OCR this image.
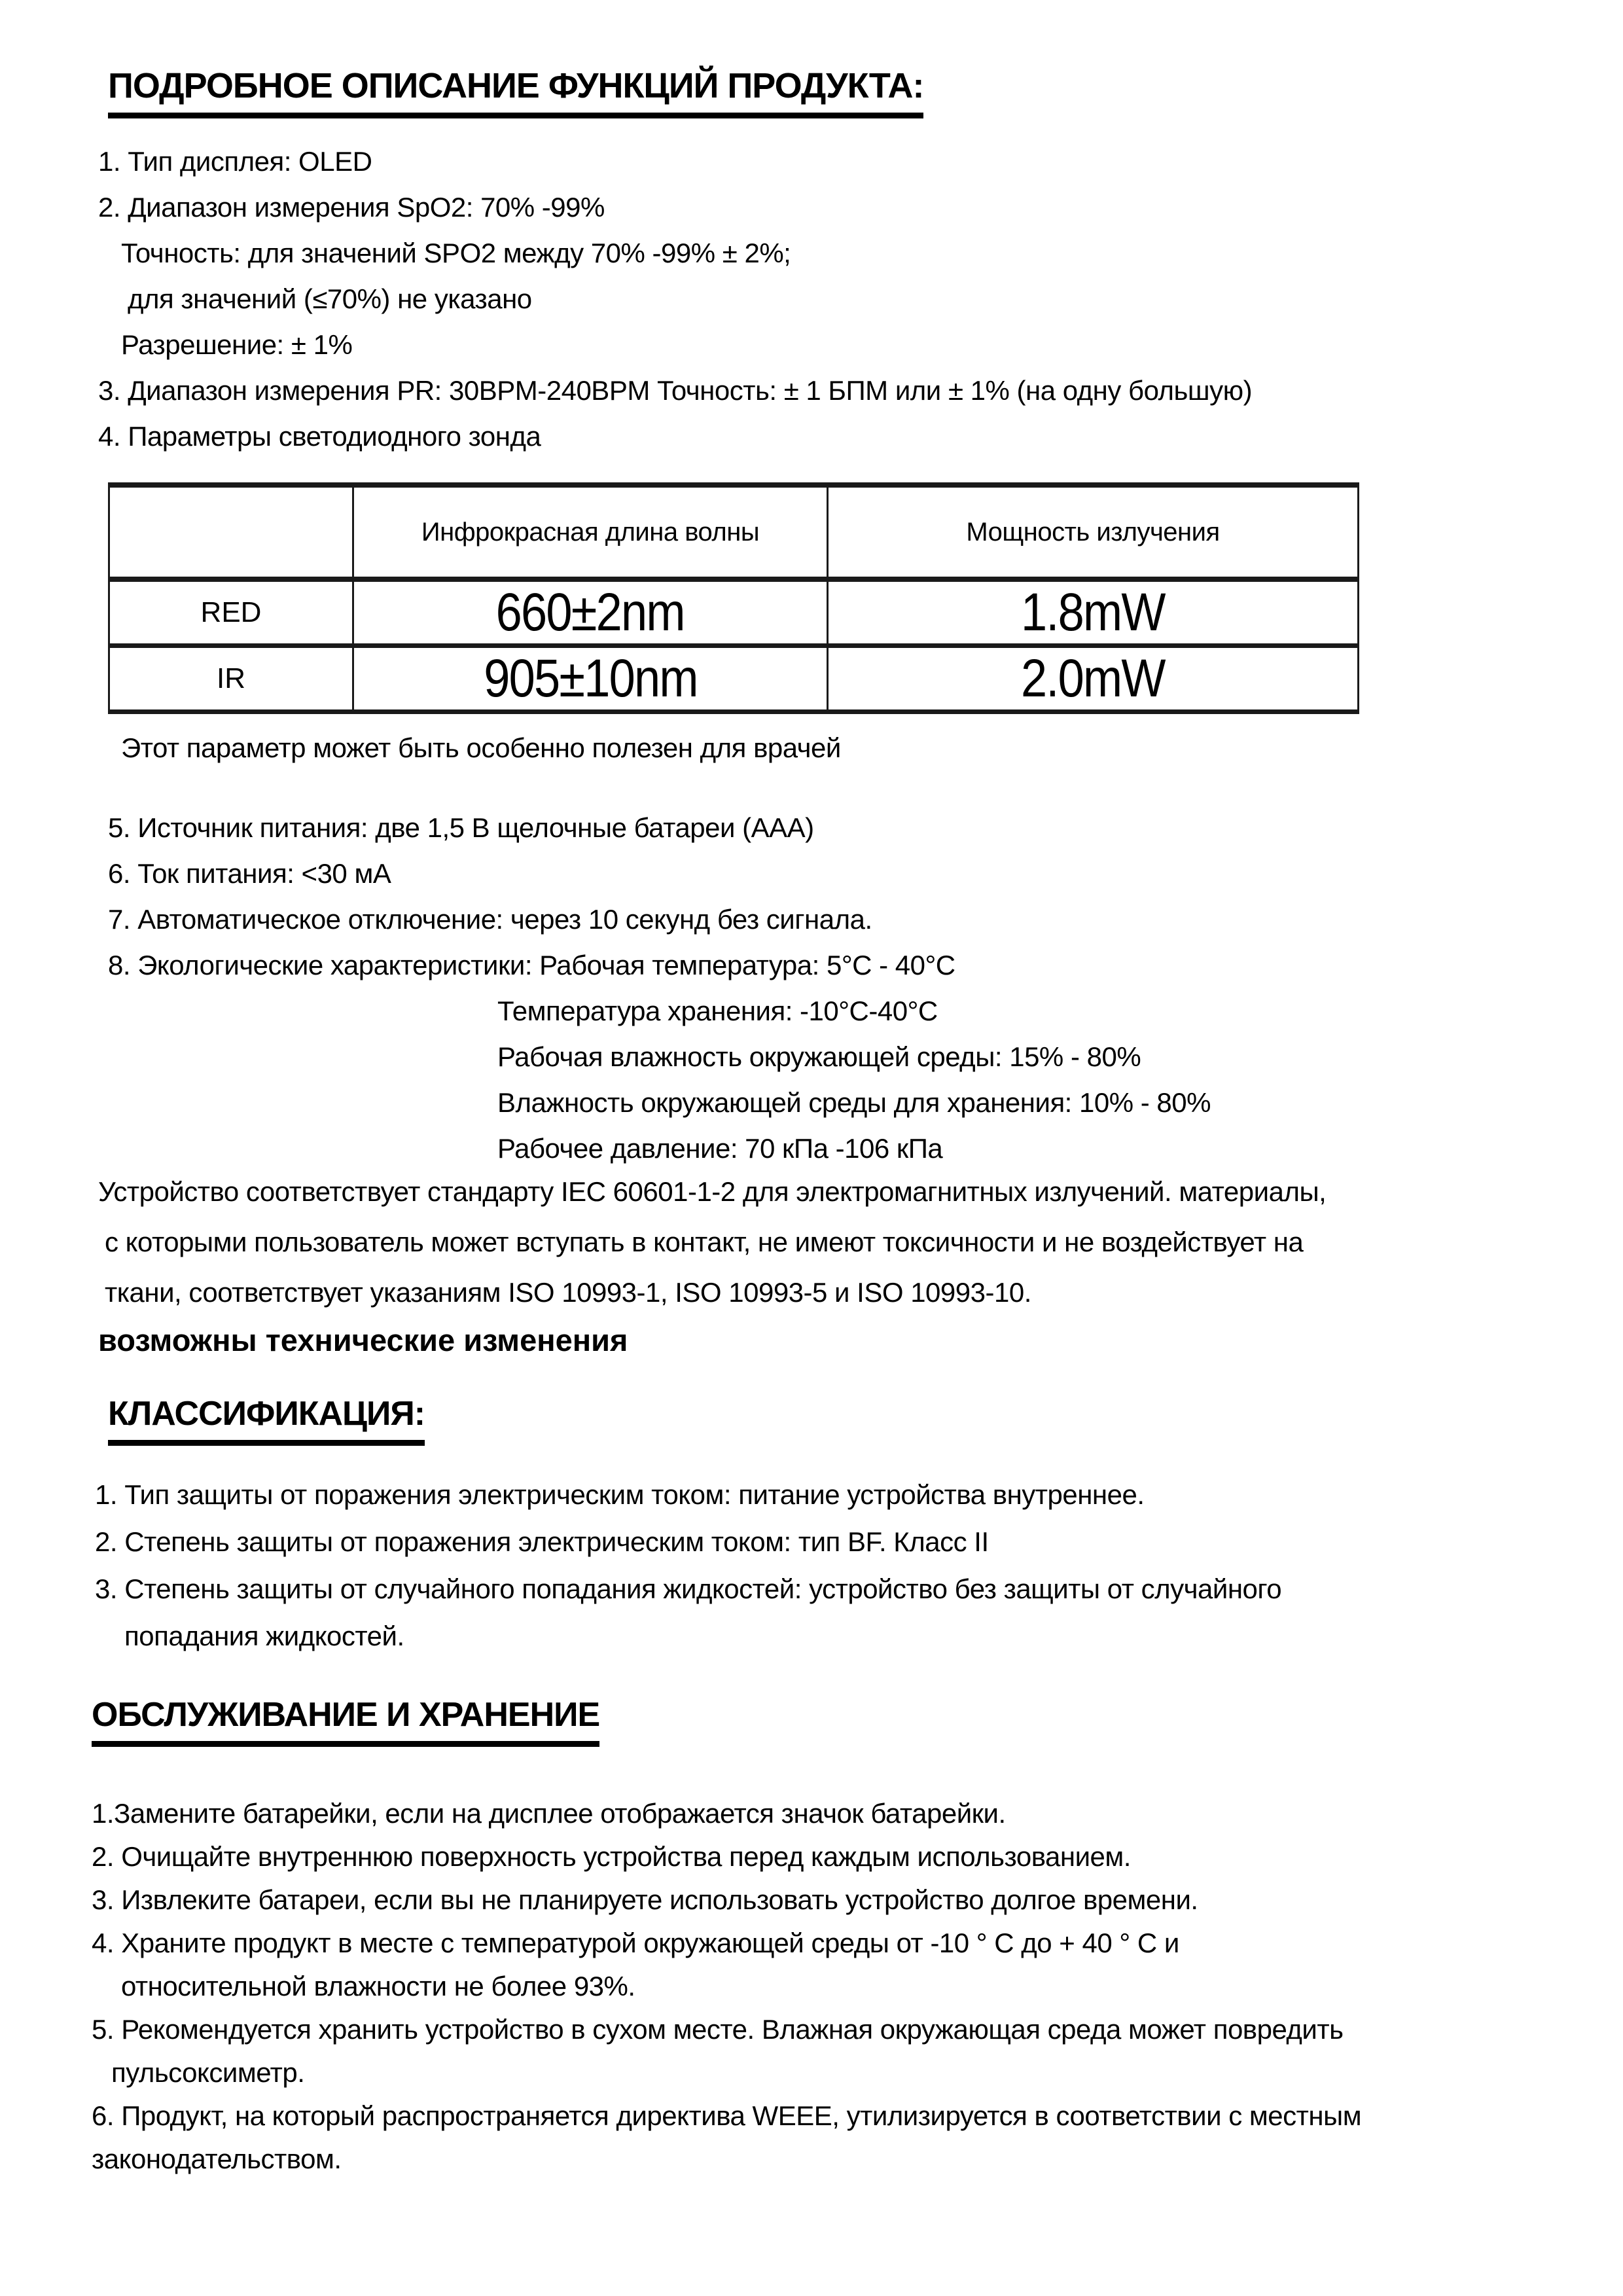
ПОДРОБНОЕ ОПИСАНИЕ ФУНКЦИЙ ПРОДУКТА:

1. Тип дисплея: OLED

2. Диапазон измерения SpO2: 70% -99%

Точность: для значений SPO2 между 70% -99% ± 2%;

для значений (≤70%) не указано

Разрешение: ± 1%

3. Диапазон измерения PR: 30BPM-240BPM Точность: ± 1 БПМ или ± 1% (на одну большую)

4. Параметры светодиодного зонда

	Инфрокрасная длина волны	Мощность излучения
RED	660±2nm	1.8mW
IR	905±10nm	2.0mW

Этот параметр может быть особенно полезен для врачей

5. Источник питания: две 1,5 В щелочные батареи (AAA)

6. Ток питания: <30 мА

7. Автоматическое отключение: через 10 секунд без сигнала.

8. Экологические характеристики: Рабочая температура: 5°C - 40°C

Температура хранения: -10°C-40°C

Рабочая влажность окружающей среды: 15% - 80%

Влажность окружающей среды для хранения: 10% - 80%

Рабочее давление: 70 кПа -106 кПа

Устройство соответствует стандарту IEC 60601-1-2 для электромагнитных излучений. материалы,

с которыми пользователь может вступать в контакт, не имеют токсичности и не воздействует на

ткани, соответствует указаниям ISO 10993-1, ISO 10993-5 и ISO 10993-10.

возможны технические изменения

КЛАССИФИКАЦИЯ:

1. Тип защиты от поражения электрическим током: питание устройства внутреннее.

2. Степень защиты от поражения электрическим током: тип BF. Класс II

3. Степень защиты от случайного попадания жидкостей: устройство без защиты от случайного

попадания жидкостей.

ОБСЛУЖИВАНИЕ И ХРАНЕНИЕ

1.Замените батарейки, если на дисплее отображается значок батарейки.

2. Очищайте внутреннюю поверхность устройства перед каждым использованием.

3. Извлеките батареи, если вы не планируете использовать устройство долгое времени.

4. Храните продукт в месте с температурой окружающей среды от -10 ° C до + 40 ° C и

относительной влажности не более 93%.

5. Рекомендуется хранить устройство в сухом месте. Влажная окружающая среда может повредить

пульсоксиметр.

6. Продукт, на который распространяется директива WEEE, утилизируется в соответствии с местным

законодательством.
